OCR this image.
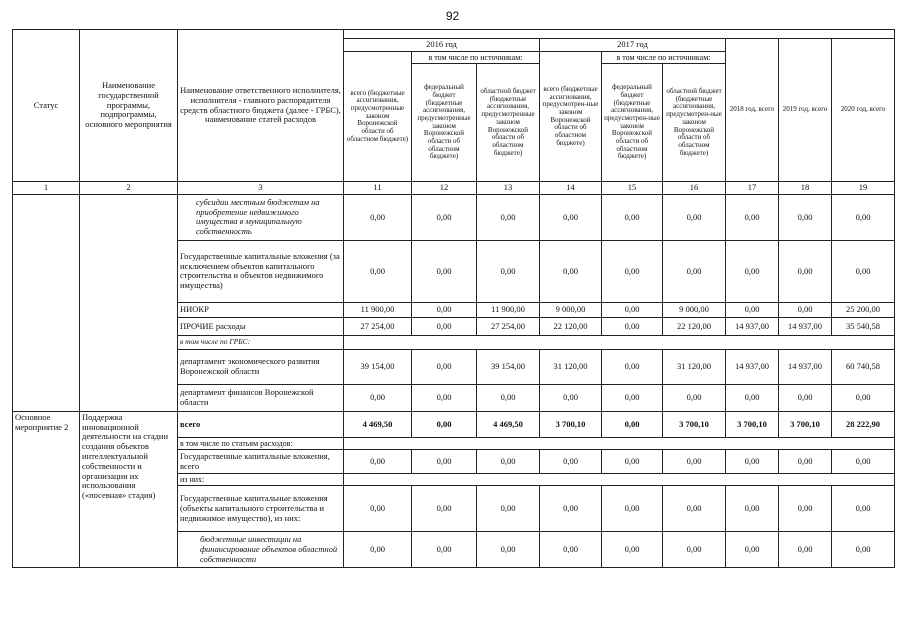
92
Статус	Наименование государственной программы, подпрограммы, основного мероприятия	Наименование ответственного исполнителя, исполнителя - главного распорядителя средств областного бюджета (далее - ГРБС), наименование статей расходов									
			2016 год			2017 год			2018 год, всего	2019 год, всего	2020 год, всего
			всего (бюджетные ассигнования, предусмотренные законом Воронежской области об областном бюджете)	в том числе по источникам:		всего (бюджетные ассигнования, предусмотрен-ные законом Воронежской области об областном бюджете)	в том числе по источникам:				
				федеральный бюджет (бюджетные ассигнования, предусмотренные законом Воронежской области об областном бюджете)	областной бюджет (бюджетные ассигнования, предусмотренные законом Воронежской области об областном бюджете)		федеральный бюджет (бюджетные ассигнования, предусмотрен-ные законом Воронежской области об областном бюджете)	областной бюджет (бюджетные ассигнования, предусмотрен-ные законом Воронежской области об областном бюджете)			
1	2	3	11	12	13	14	15	16	17	18	19
		субсидии местным бюджетам на приобретение недвижимого имущества в муниципальную собственность	0,00	0,00	0,00	0,00	0,00	0,00	0,00	0,00	0,00
		Государственные капитальные вложения (за исключением объектов капитального строительства и объектов недвижимого имущества)	0,00	0,00	0,00	0,00	0,00	0,00	0,00	0,00	0,00
		НИОКР	11 900,00	0,00	11 900,00	9 000,00	0,00	9 000,00	0,00	0,00	25 200,00
		ПРОЧИЕ расходы	27 254,00	0,00	27 254,00	22 120,00	0,00	22 120,00	14 937,00	14 937,00	35 540,58
		в том числе по ГРБС:									
		департамент экономического развития Воронежской области	39 154,00	0,00	39 154,00	31 120,00	0,00	31 120,00	14 937,00	14 937,00	60 740,58
		департамент финансов Воронежской области	0,00	0,00	0,00	0,00	0,00	0,00	0,00	0,00	0,00
Основное мероприятие 2	Поддержка инновационной деятельности на стадии создания объектов интеллектуальной собственности и организации их использования («посевная» стадия)	всего	4 469,50	0,00	4 469,50	3 700,10	0,00	3 700,10	3 700,10	3 700,10	28 222,90
		в том числе по статьям расходов:									
		Государственные капитальные вложения, всего	0,00	0,00	0,00	0,00	0,00	0,00	0,00	0,00	0,00
		из них:									
		Государственные капитальные вложения (объекты капитального строительства и недвижимое имущество), из них:	0,00	0,00	0,00	0,00	0,00	0,00	0,00	0,00	0,00
		бюджетные инвестиции на финансирование объектов областной собственности	0,00	0,00	0,00	0,00	0,00	0,00	0,00	0,00	0,00
